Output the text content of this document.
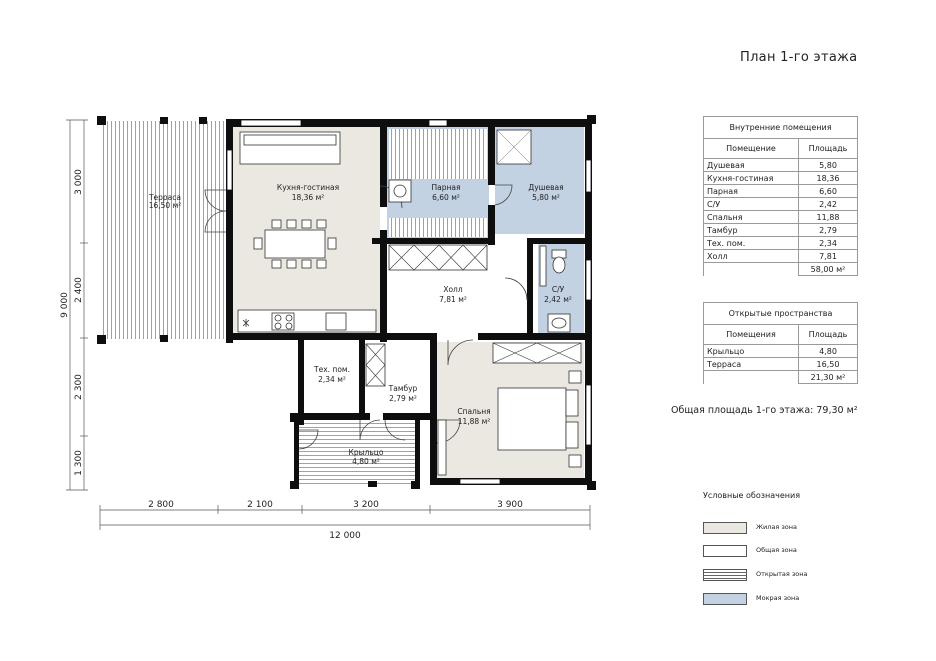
2 800	2 100	3 200	3 900
12 000
3 000
2 400
2 300
1 300
9 000
Терраса
16,50 м²
Кухня-гостиная
18,36 м²
Парная
6,60 м²
Душевая
5,80 м²
Холл
7,81 м²
С/У
2,42 м²
Тех. пом.
2,34 м²
Тамбур
2,79 м²
Спальня
11,88 м²
Крыльцо
4,80 м²
План 1-го этажа
Внутренние помещения	
Помещение	Площадь
Душевая	5,80
Кухня-гостиная	18,36
Парная	6,60
С/У	2,42
Спальня	11,88
Тамбур	2,79
Тех. пом.	2,34
Холл	7,81
	58,00 м²
Открытые пространства	
Помещения	Площадь
Крыльцо	4,80
Терраса	16,50
	21,30 м²
Общая площадь 1-го этажа: 79,30 м²
Условные обозначения
Жилая зона
Общая зона
Открытая зона
Мокрая зона
